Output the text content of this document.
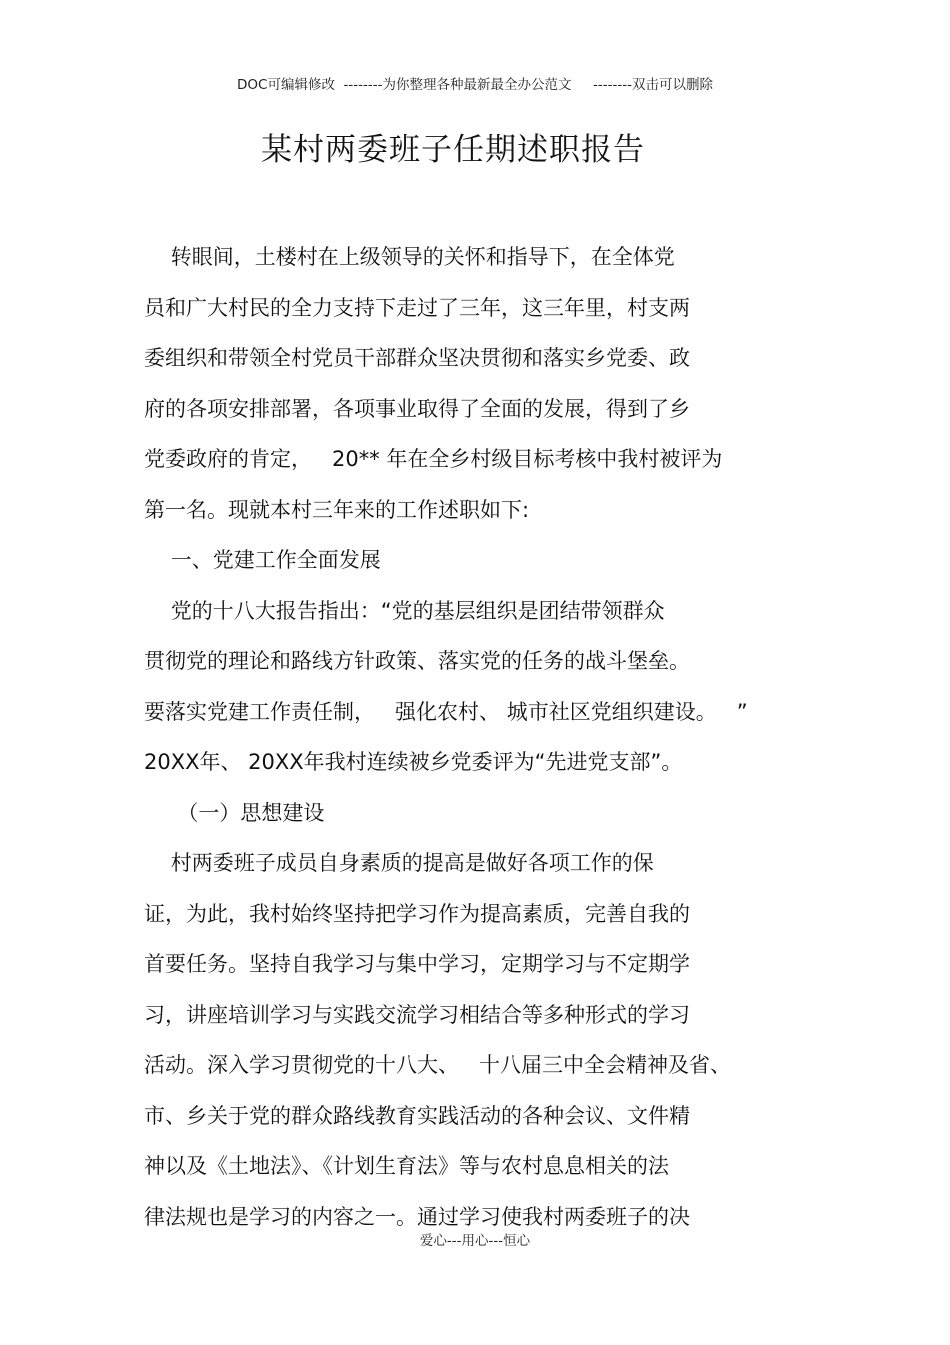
DOC可编辑修改  --------为你整理各种最新最全办公范文     --------双击可以删除
某村两委班子任期述职报告
转眼间，土楼村在上级领导的关怀和指导下，在全体党
员和广大村民的全力支持下走过了三年，这三年里，村支两
委组织和带领全村党员干部群众坚决贯彻和落实乡党委、政
府的各项安排部署，各项事业取得了全面的发展，得到了乡
党委政府的肯定，   20** 年在全乡村级目标考核中我村被评为
第一名。现就本村三年来的工作述职如下:
一、党建工作全面发展
党的十八大报告指出：“党的基层组织是团结带领群众
贯彻党的理论和路线方针政策、落实党的任务的战斗堡垒。
要落实党建工作责任制，   强化农村、 城市社区党组织建设。   ”
20XX年、 20XX年我村连续被乡党委评为“先进党支部”。
（一）思想建设
村两委班子成员自身素质的提高是做好各项工作的保
证，为此，我村始终坚持把学习作为提高素质，完善自我的
首要任务。坚持自我学习与集中学习，定期学习与不定期学
习，讲座培训学习与实践交流学习相结合等多种形式的学习
活动。深入学习贯彻党的十八大、   十八届三中全会精神及省、
市、乡关于党的群众路线教育实践活动的各种会议、文件精
神以及《土地法》、《计划生育法》等与农村息息相关的法
律法规也是学习的内容之一。通过学习使我村两委班子的决
爱心---用心---恒心
